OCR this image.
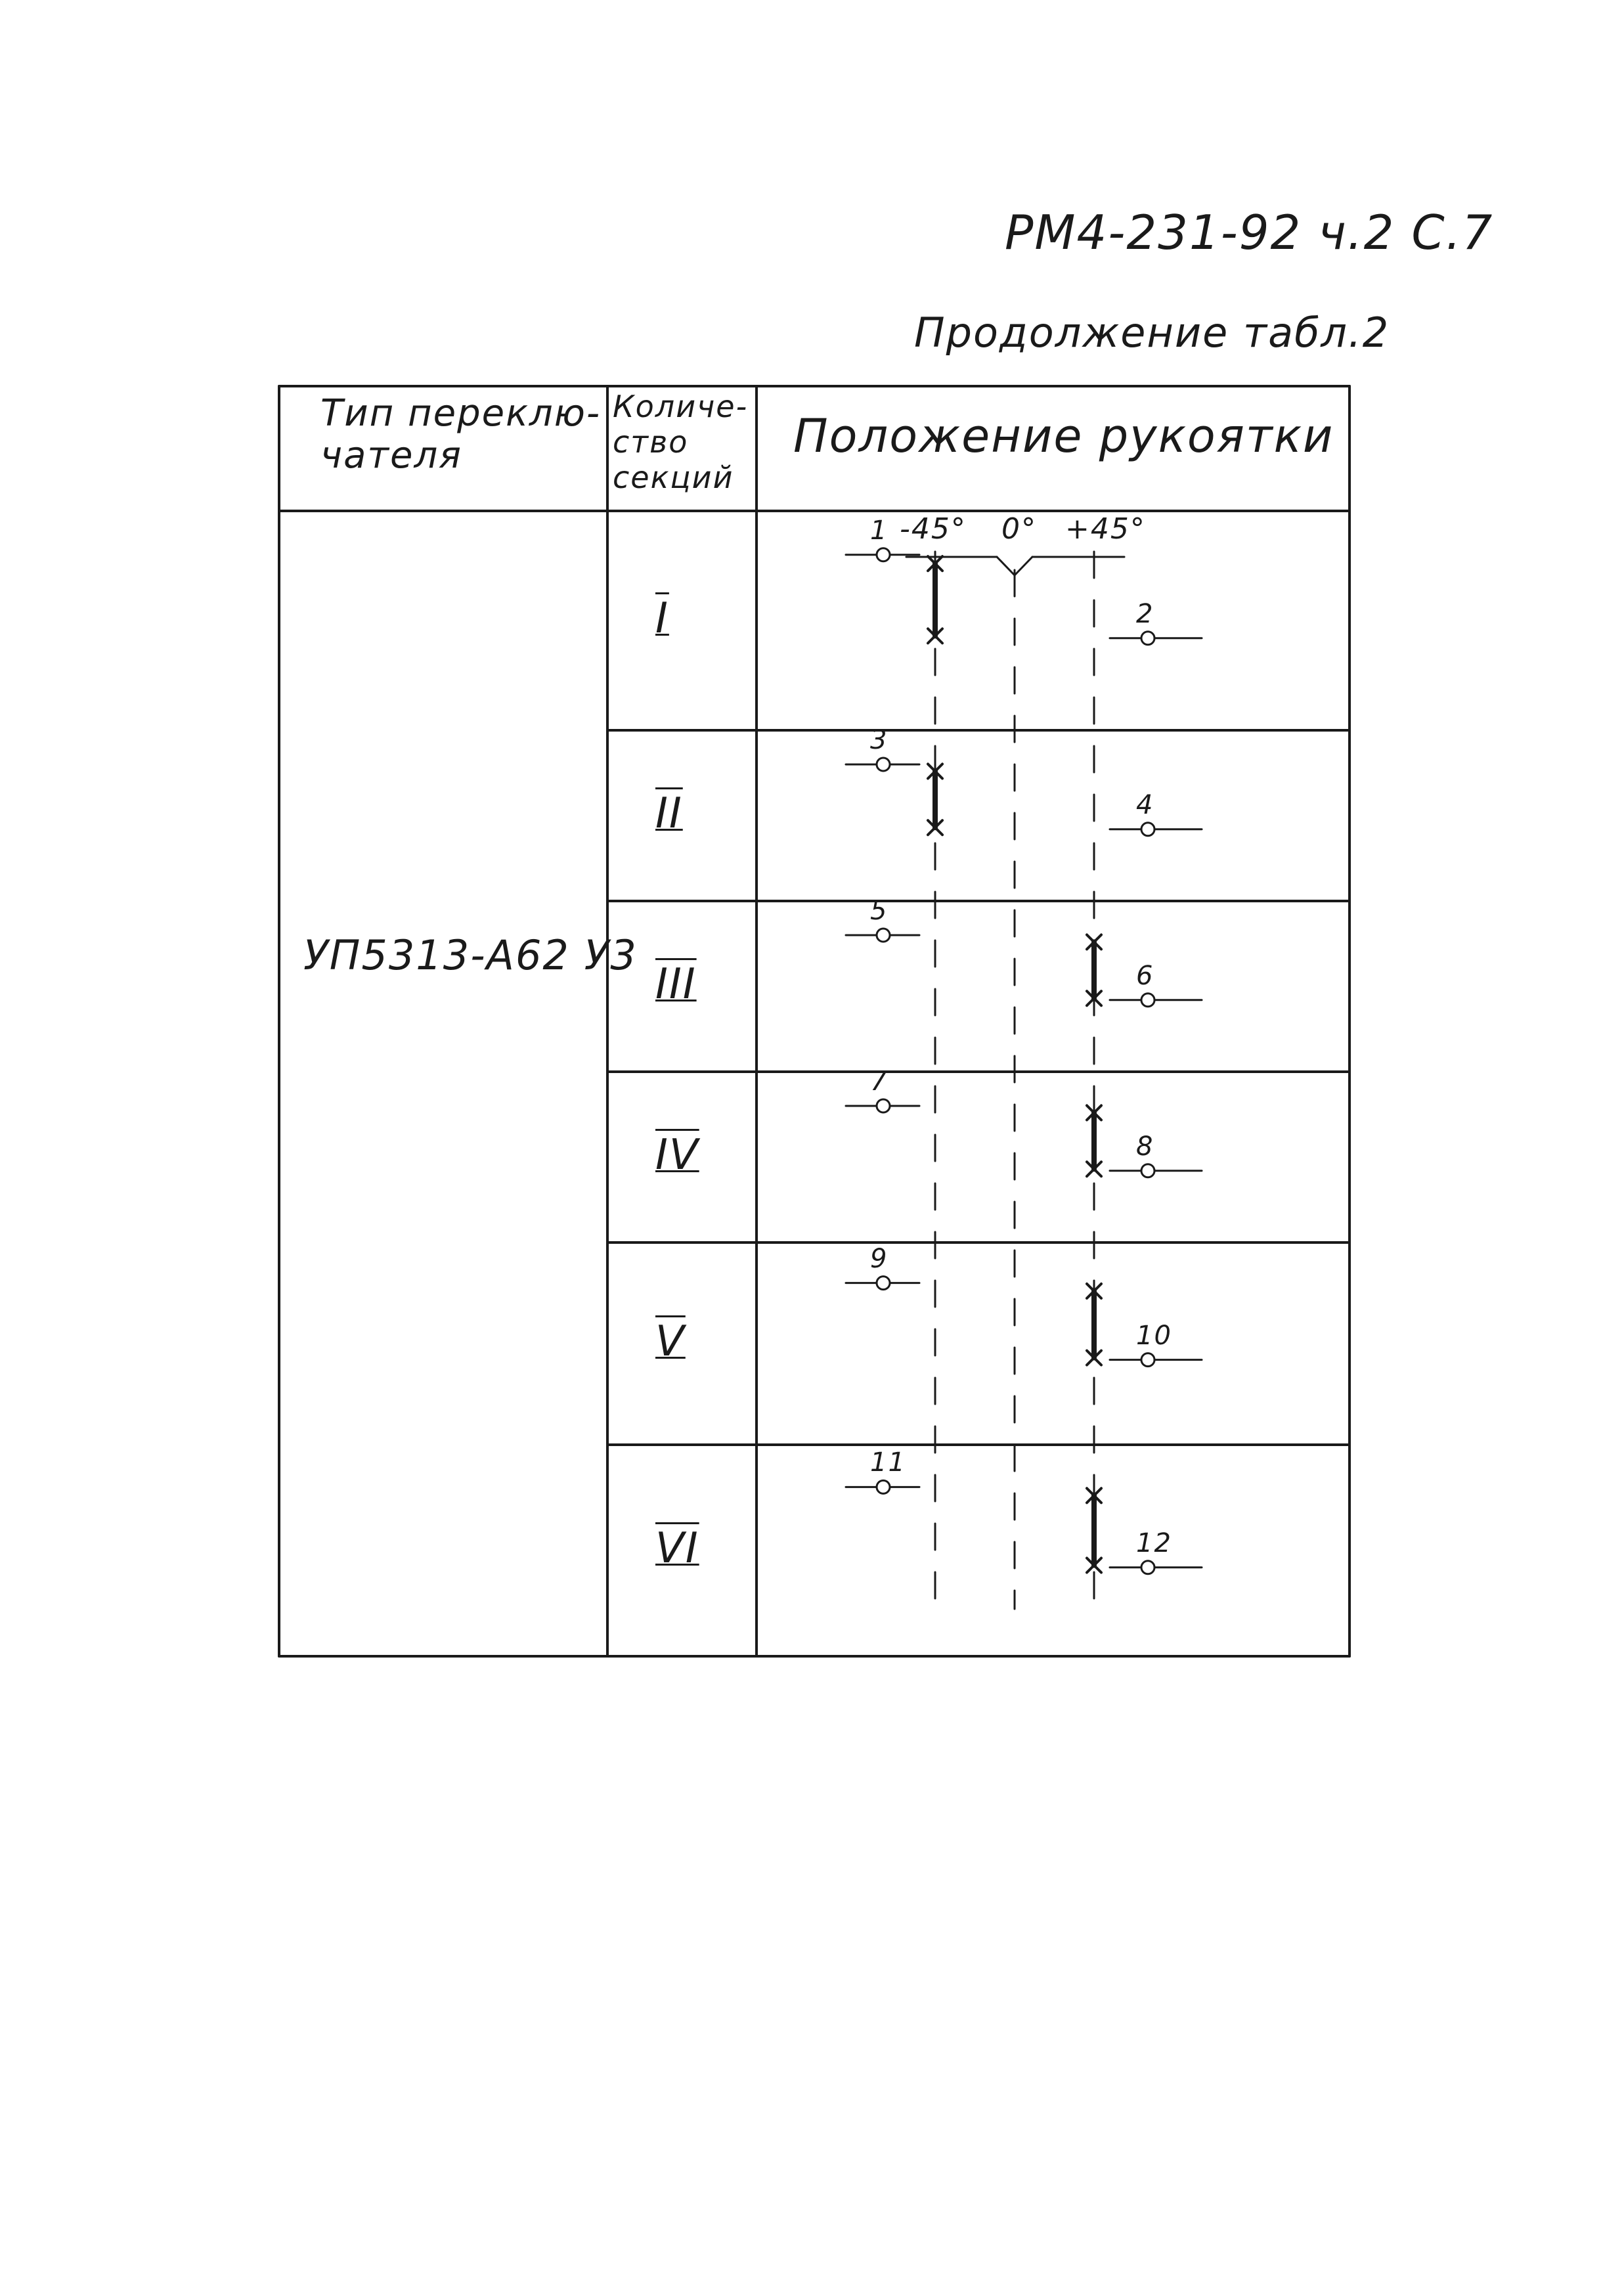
РМ4-231-92 ч.2 С.7
Продолжение табл.2
Тип переклю-
чателя
Количе-
ство
секций
Положение рукоятки
УП5313-А62 У3
-45° 0° +45°
I
1
2
II
3
4
III
5
6
IV
7
8
V
9
10
VI
11
12
